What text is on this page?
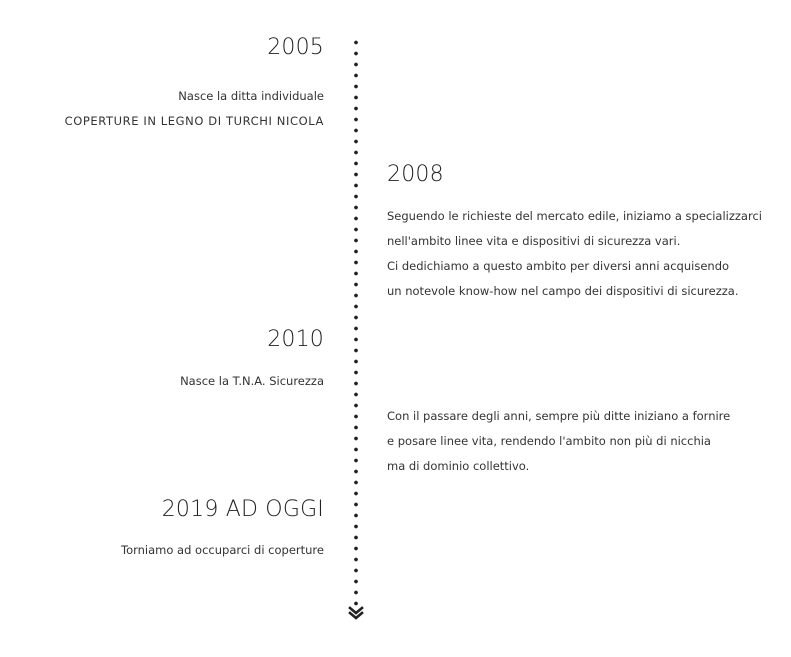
2005
Nasce la ditta individuale
COPERTURE IN LEGNO DI TURCHI NICOLA
2008
Seguendo le richieste del mercato edile, iniziamo a specializzarci
nell'ambito linee vita e dispositivi di sicurezza vari.
Ci dedichiamo a questo ambito per diversi anni acquisendo
un notevole know-how nel campo dei dispositivi di sicurezza.
2010
Nasce la T.N.A. Sicurezza
Con il passare degli anni, sempre più ditte iniziano a fornire
e posare linee vita, rendendo l'ambito non più di nicchia
ma di dominio collettivo.
2019 AD OGGI
Torniamo ad occuparci di coperture
